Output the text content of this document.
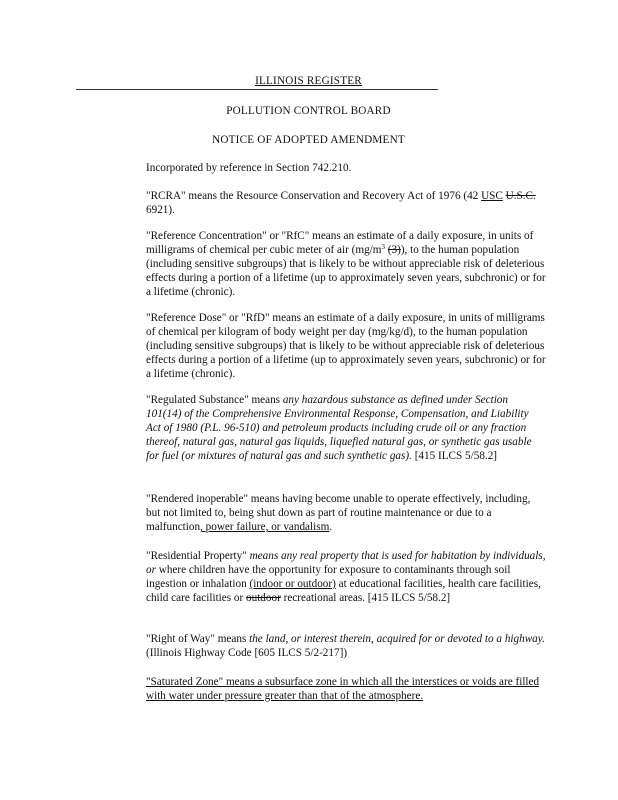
ILLINOIS REGISTER
POLLUTION CONTROL BOARD
NOTICE OF ADOPTED AMENDMENT
Incorporated by reference in Section 742.210.
"RCRA" means the Resource Conservation and Recovery Act of 1976 (42 USC U.S.C. 6921).
"Reference Concentration" or "RfC" means an estimate of a daily exposure, in units of milligrams of chemical per cubic meter of air ($mg/m^3$ (3)), to the human population (including sensitive subgroups) that is likely to be without appreciable risk of deleterious effects during a portion of a lifetime (up to approximately seven years, subchronic) or for a lifetime (chronic).
"Reference Dose" or "RfD" means an estimate of a daily exposure, in units of milligrams of chemical per kilogram of body weight per day (mg/kg/d), to the human population (including sensitive subgroups) that is likely to be without appreciable risk of deleterious effects during a portion of a lifetime (up to approximately seven years, subchronic) or for a lifetime (chronic).
"Regulated Substance" means any hazardous substance as defined under Section 101(14) of the Comprehensive Environmental Response, Compensation, and Liability Act of 1980 (P.L. 96-510) and petroleum products including crude oil or any fraction thereof, natural gas, natural gas liquids, liquefied natural gas, or synthetic gas usable for fuel (or mixtures of natural gas and such synthetic gas). [415 ILCS 5/58.2]
"Rendered inoperable" means having become unable to operate effectively, including, but not limited to, being shut down as part of routine maintenance or due to a malfunction, power failure, or vandalism.
"Residential Property" means any real property that is used for habitation by individuals, or where children have the opportunity for exposure to contaminants through soil ingestion or inhalation (indoor or outdoor) at educational facilities, health care facilities, child care facilities or outdoor recreational areas. [415 ILCS 5/58.2]
"Right of Way" means the land, or interest therein, acquired for or devoted to a highway. (Illinois Highway Code [605 ILCS 5/2-217])
"Saturated Zone" means a subsurface zone in which all the interstices or voids are filled with water under pressure greater than that of the atmosphere.
